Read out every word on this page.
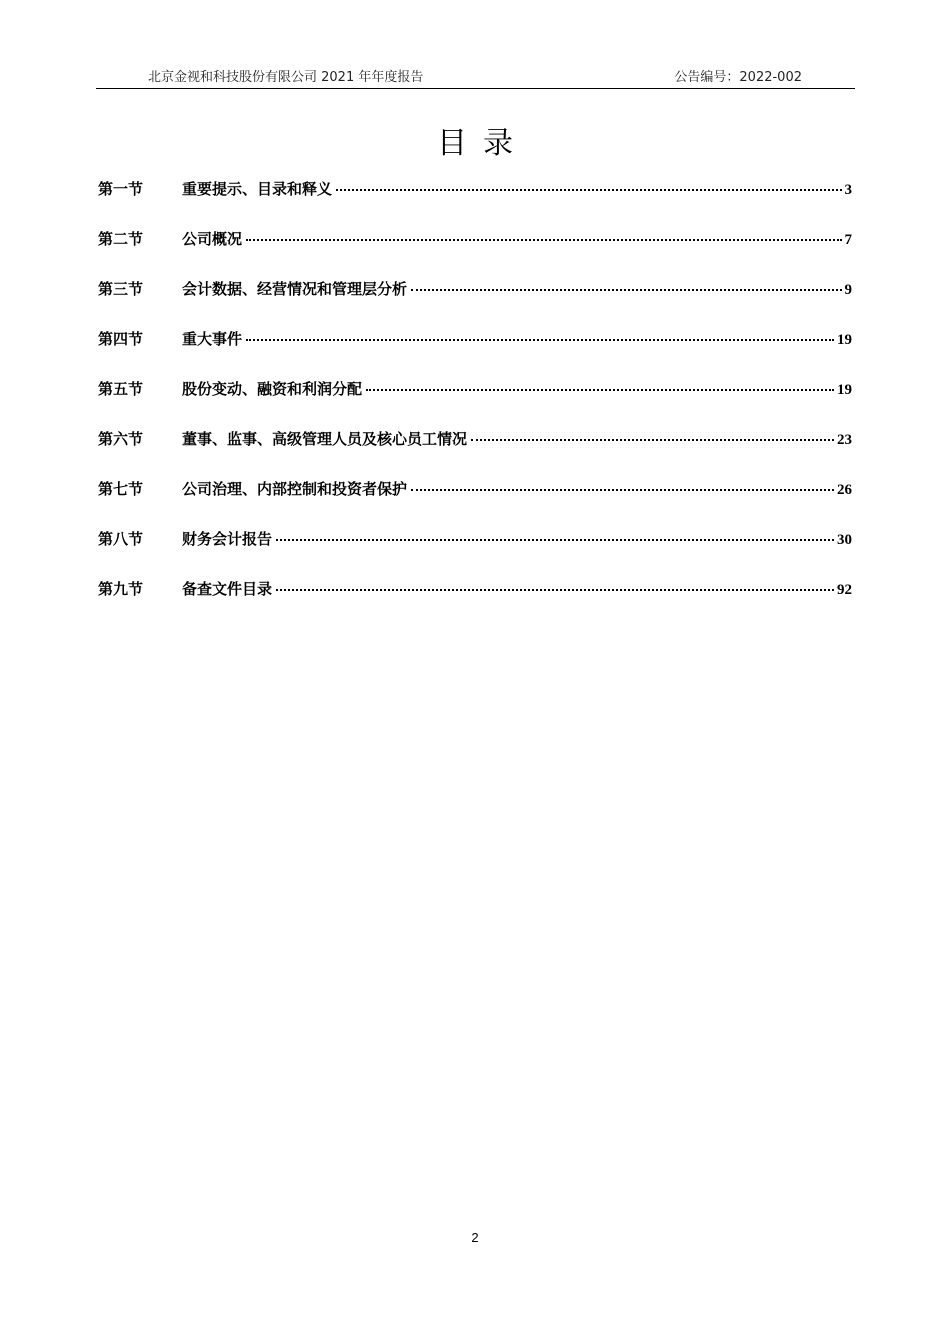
北京金视和科技股份有限公司 2021 年年度报告	公告编号：2022-002
目录
第一节	重要提示、目录和释义	3
第二节	公司概况	7
第三节	会计数据、经营情况和管理层分析	9
第四节	重大事件	19
第五节	股份变动、融资和利润分配	19
第六节	董事、监事、高级管理人员及核心员工情况	23
第七节	公司治理、内部控制和投资者保护	26
第八节	财务会计报告	30
第九节	备查文件目录	92
2
